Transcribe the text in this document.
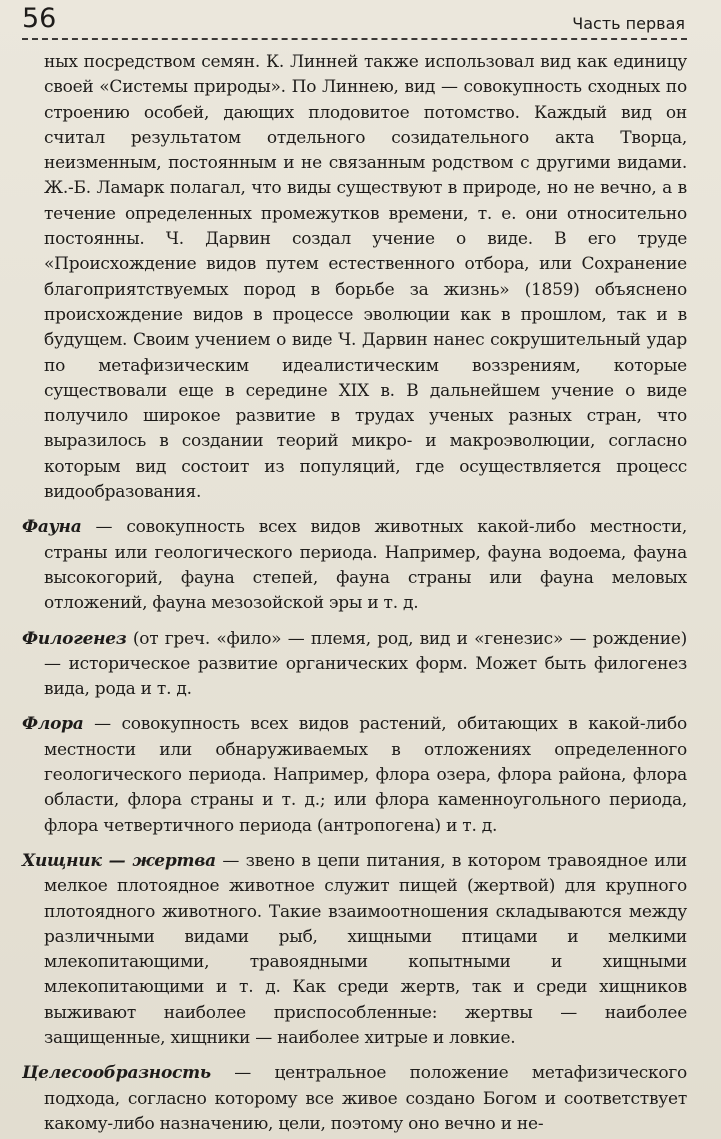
56	Часть первая

ных посредством семян. К. Линней также использовал вид как единицу своей «Системы природы». По Линнею, вид — совокупность сходных по строению особей, дающих плодовитое потомство. Каждый вид он считал результатом отдельного созидательного акта Творца, неизменным, постоянным и не связанным родством с другими видами. Ж.-Б. Ламарк полагал, что виды существуют в природе, но не вечно, а в течение определенных промежутков времени, т. е. они относительно постоянны. Ч. Дарвин создал учение о виде. В его труде «Происхождение видов путем естественного отбора, или Сохранение благоприятствуемых пород в борьбе за жизнь» (1859) объяснено происхождение видов в процессе эволюции как в прошлом, так и в будущем. Своим учением о виде Ч. Дарвин нанес сокрушительный удар по метафизическим идеалистическим воззрениям, которые существовали еще в середине XIX в. В дальнейшем учение о виде получило широкое развитие в трудах ученых разных стран, что выразилось в создании теорий микро- и макроэволюции, согласно которым вид состоит из популяций, где осуществляется процесс видообразования.

Фауна — совокупность всех видов животных какой-либо местности, страны или геологического периода. Например, фауна водоема, фауна высокогорий, фауна степей, фауна страны или фауна меловых отложений, фауна мезозойской эры и т. д.

Филогенез (от греч. «фило» — племя, род, вид и «генезис» — рождение) — историческое развитие органических форм. Может быть филогенез вида, рода и т. д.

Флора — совокупность всех видов растений, обитающих в какой-либо местности или обнаруживаемых в отложениях определенного геологического периода. Например, флора озера, флора района, флора области, флора страны и т. д.; или флора каменноугольного периода, флора четвертичного периода (антропогена) и т. д.

Хищник — жертва — звено в цепи питания, в котором травоядное или мелкое плотоядное животное служит пищей (жертвой) для крупного плотоядного животного. Такие взаимоотношения складываются между различными видами рыб, хищными птицами и мелкими млекопитающими, травоядными копытными и хищными млекопитающими и т. д. Как среди жертв, так и среди хищников выживают наиболее приспособленные: жертвы — наиболее защищенные, хищники — наиболее хитрые и ловкие.

Целесообразность — центральное положение метафизического подхода, согласно которому все живое создано Богом и соответствует какому-либо назначению, цели, поэтому оно вечно и не-
